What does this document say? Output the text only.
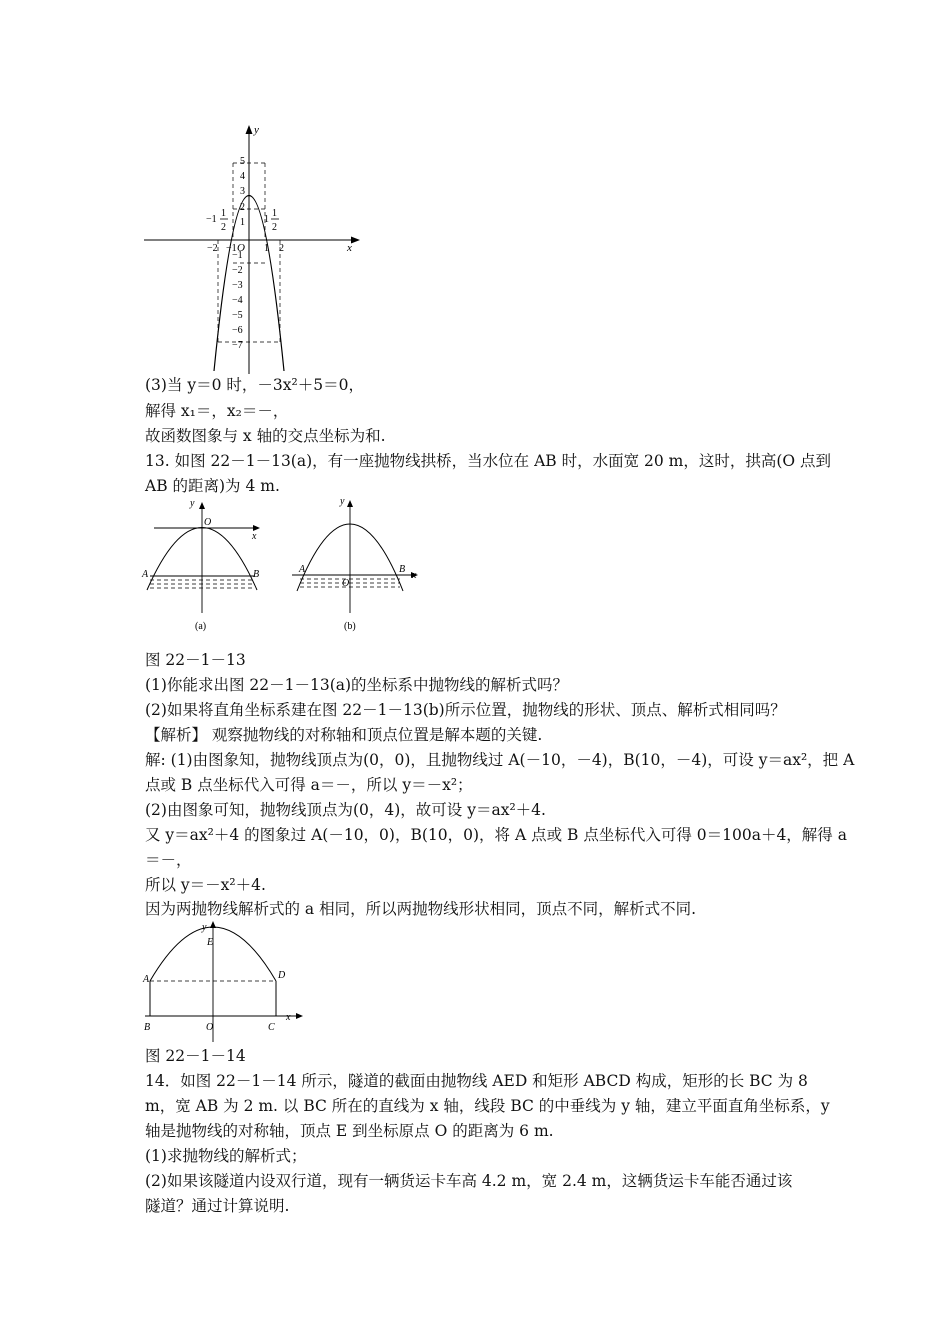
x
y
O
−2 −1	1 2
5
4
3
2
1
−1
−2
−3
−4
−5
−6
−7
−1
1
2
1
1
2
(3)当 y＝0 时，－3x²＋5＝0，
解得 x₁＝，x₂＝－，
故函数图象与 x 轴的交点坐标为和.
13. 如图 22－1－13(a)，有一座抛物线拱桥，当水位在 AB 时，水面宽 20 m，这时，拱高(O 点到
AB 的距离)为 4 m.
y
x
O
A	B
(a)
y
x
O
A	B
(b)
图 22－1－13
(1)你能求出图 22－1－13(a)的坐标系中抛物线的解析式吗？
(2)如果将直角坐标系建在图 22－1－13(b)所示位置，抛物线的形状、顶点、解析式相同吗？
【解析】 观察抛物线的对称轴和顶点位置是解本题的关键.
解: (1)由图象知，抛物线顶点为(0，0)，且抛物线过 A(－10，－4)，B(10，－4)，可设 y＝ax²，把 A
点或 B 点坐标代入可得 a＝－，所以 y＝－x²；
(2)由图象可知，抛物线顶点为(0，4)，故可设 y＝ax²＋4.
又 y＝ax²＋4 的图象过 A(－10，0)，B(10，0)，将 A 点或 B 点坐标代入可得 0＝100a＋4，解得 a
＝－，
所以 y＝－x²＋4.
因为两抛物线解析式的 a 相同，所以两抛物线形状相同，顶点不同，解析式不同.
y
E
A	D
B	O	C
x
图 22－1－14
14．如图 22－1－14 所示，隧道的截面由抛物线 AED 和矩形 ABCD 构成，矩形的长 BC 为 8
m，宽 AB 为 2 m. 以 BC 所在的直线为 x 轴，线段 BC 的中垂线为 y 轴，建立平面直角坐标系，y
轴是抛物线的对称轴，顶点 E 到坐标原点 O 的距离为 6 m.
(1)求抛物线的解析式；
(2)如果该隧道内设双行道，现有一辆货运卡车高 4.2 m，宽 2.4 m，这辆货运卡车能否通过该
隧道？通过计算说明.
